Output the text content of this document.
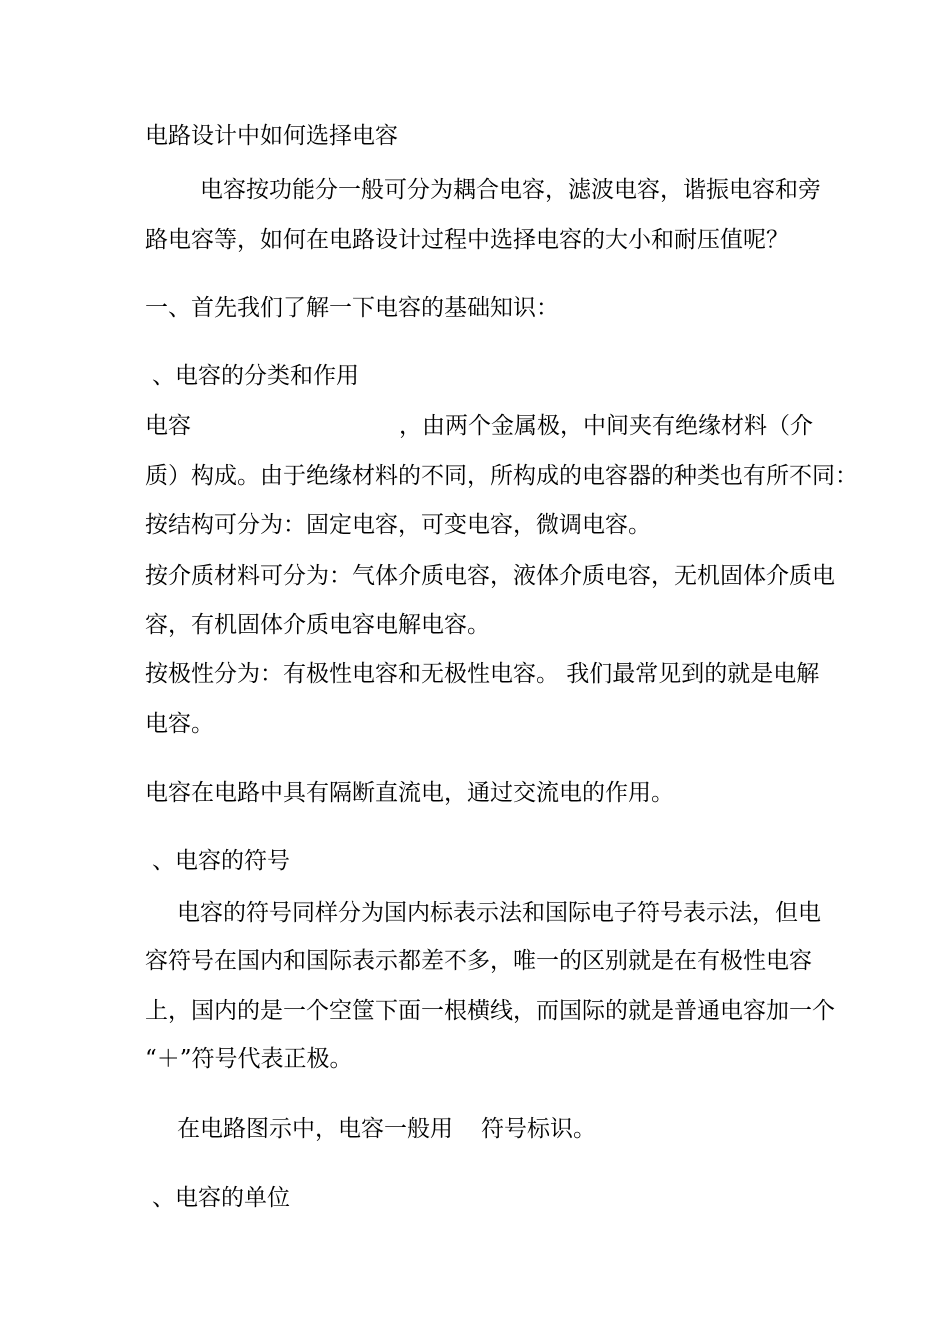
电路设计中如何选择电容

电容按功能分一般可分为耦合电容，滤波电容，谐振电容和旁

路电容等，如何在电路设计过程中选择电容的大小和耐压值呢？

一、首先我们了解一下电容的基础知识：

、电容的分类和作用

电容	，由两个金属极，中间夹有绝缘材料（介

质）构成。由于绝缘材料的不同，所构成的电容器的种类也有所不同：

按结构可分为：固定电容，可变电容，微调电容。

按介质材料可分为：气体介质电容，液体介质电容，无机固体介质电

容，有机固体介质电容电解电容。

按极性分为：有极性电容和无极性电容。 我们最常见到的就是电解

电容。

电容在电路中具有隔断直流电，通过交流电的作用。

、电容的符号

电容的符号同样分为国内标表示法和国际电子符号表示法，但电

容符号在国内和国际表示都差不多，唯一的区别就是在有极性电容

上，国内的是一个空筐下面一根横线，而国际的就是普通电容加一个

“＋”符号代表正极。

在电路图示中，电容一般用 符号标识。

、电容的单位
